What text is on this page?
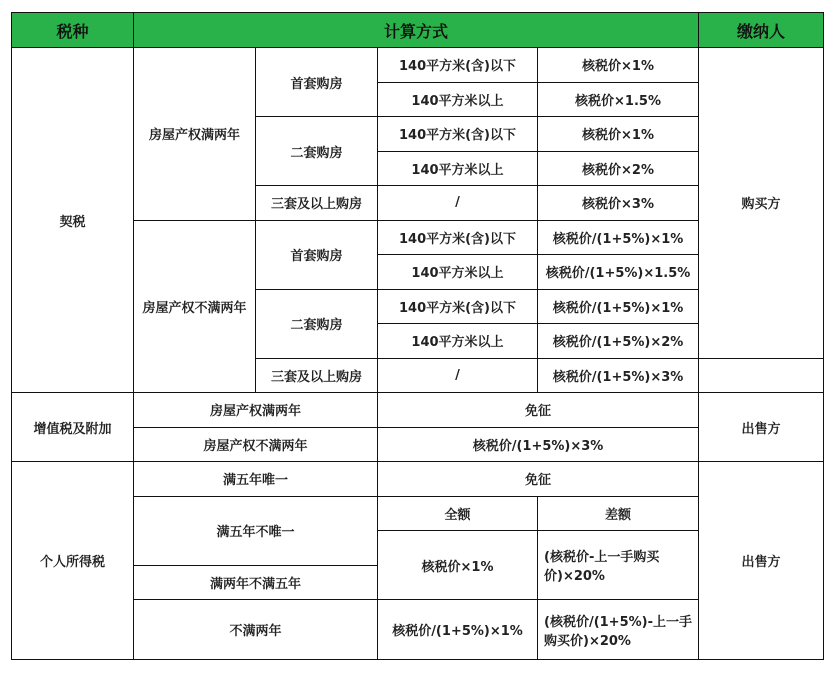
税种	计算方式				缴纳人
契税	房屋产权满两年	首套购房	140平方米(含)以下	核税价×1%	购买方
			140平方米以上	核税价×1.5%	
		二套购房	140平方米(含)以下	核税价×1%	
			140平方米以上	核税价×2%	
		三套及以上购房	/	核税价×3%	
	房屋产权不满两年	首套购房	140平方米(含)以下	核税价/(1+5%)×1%	
			140平方米以上	核税价/(1+5%)×1.5%	
		二套购房	140平方米(含)以下	核税价/(1+5%)×1%	
			140平方米以上	核税价/(1+5%)×2%	
		三套及以上购房	/	核税价/(1+5%)×3%	
增值税及附加	房屋产权满两年		免征		出售方
	房屋产权不满两年		核税价/(1+5%)×3%		
个人所得税	满五年唯一		免征		出售方
	满五年不唯一		全额	差额	
			核税价×1%	(核税价-上一手购买价)×20%	
	满两年不满五年				
	不满两年		核税价/(1+5%)×1%	(核税价/(1+5%)-上一手购买价)×20%	
